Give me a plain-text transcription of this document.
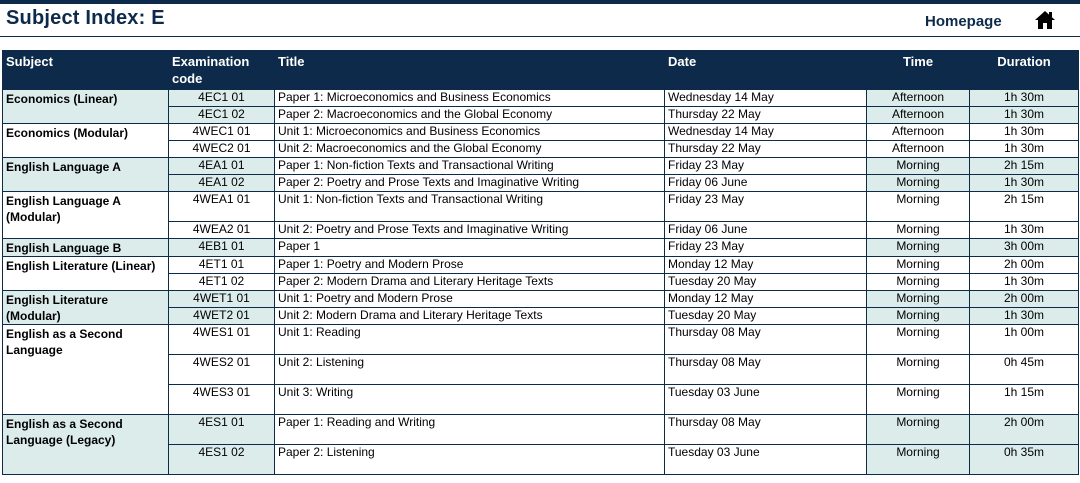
Subject Index: E	Homepage
Subject	Examination code	Title	Date	Time	Duration
Economics (Linear)	4EC1 01	Paper 1: Microeconomics and Business Economics	Wednesday 14 May	Afternoon	1h 30m
	4EC1 02	Paper 2: Macroeconomics and the Global Economy	Thursday 22 May	Afternoon	1h 30m
Economics (Modular)	4WEC1 01	Unit 1: Microeconomics and Business Economics	Wednesday 14 May	Afternoon	1h 30m
	4WEC2 01	Unit 2: Macroeconomics and the Global Economy	Thursday 22 May	Afternoon	1h 30m
English Language A	4EA1 01	Paper 1: Non-fiction Texts and Transactional Writing	Friday 23 May	Morning	2h 15m
	4EA1 02	Paper 2: Poetry and Prose Texts and Imaginative Writing	Friday 06 June	Morning	1h 30m
English Language A (Modular)	4WEA1 01	Unit 1: Non-fiction Texts and Transactional Writing	Friday 23 May	Morning	2h 15m
	4WEA2 01	Unit 2: Poetry and Prose Texts and Imaginative Writing	Friday 06 June	Morning	1h 30m
English Language B	4EB1 01	Paper 1	Friday 23 May	Morning	3h 00m
English Literature (Linear)	4ET1 01	Paper 1: Poetry and Modern Prose	Monday 12 May	Morning	2h 00m
	4ET1 02	Paper 2: Modern Drama and Literary Heritage Texts	Tuesday 20 May	Morning	1h 30m
English Literature (Modular)	4WET1 01	Unit 1: Poetry and Modern Prose	Monday 12 May	Morning	2h 00m
	4WET2 01	Unit 2: Modern Drama and Literary Heritage Texts	Tuesday 20 May	Morning	1h 30m
English as a Second Language	4WES1 01	Unit 1: Reading	Thursday 08 May	Morning	1h 00m
	4WES2 01	Unit 2: Listening	Thursday 08 May	Morning	0h 45m
	4WES3 01	Unit 3: Writing	Tuesday 03 June	Morning	1h 15m
English as a Second Language (Legacy)	4ES1 01	Paper 1: Reading and Writing	Thursday 08 May	Morning	2h 00m
	4ES1 02	Paper 2: Listening	Tuesday 03 June	Morning	0h 35m
